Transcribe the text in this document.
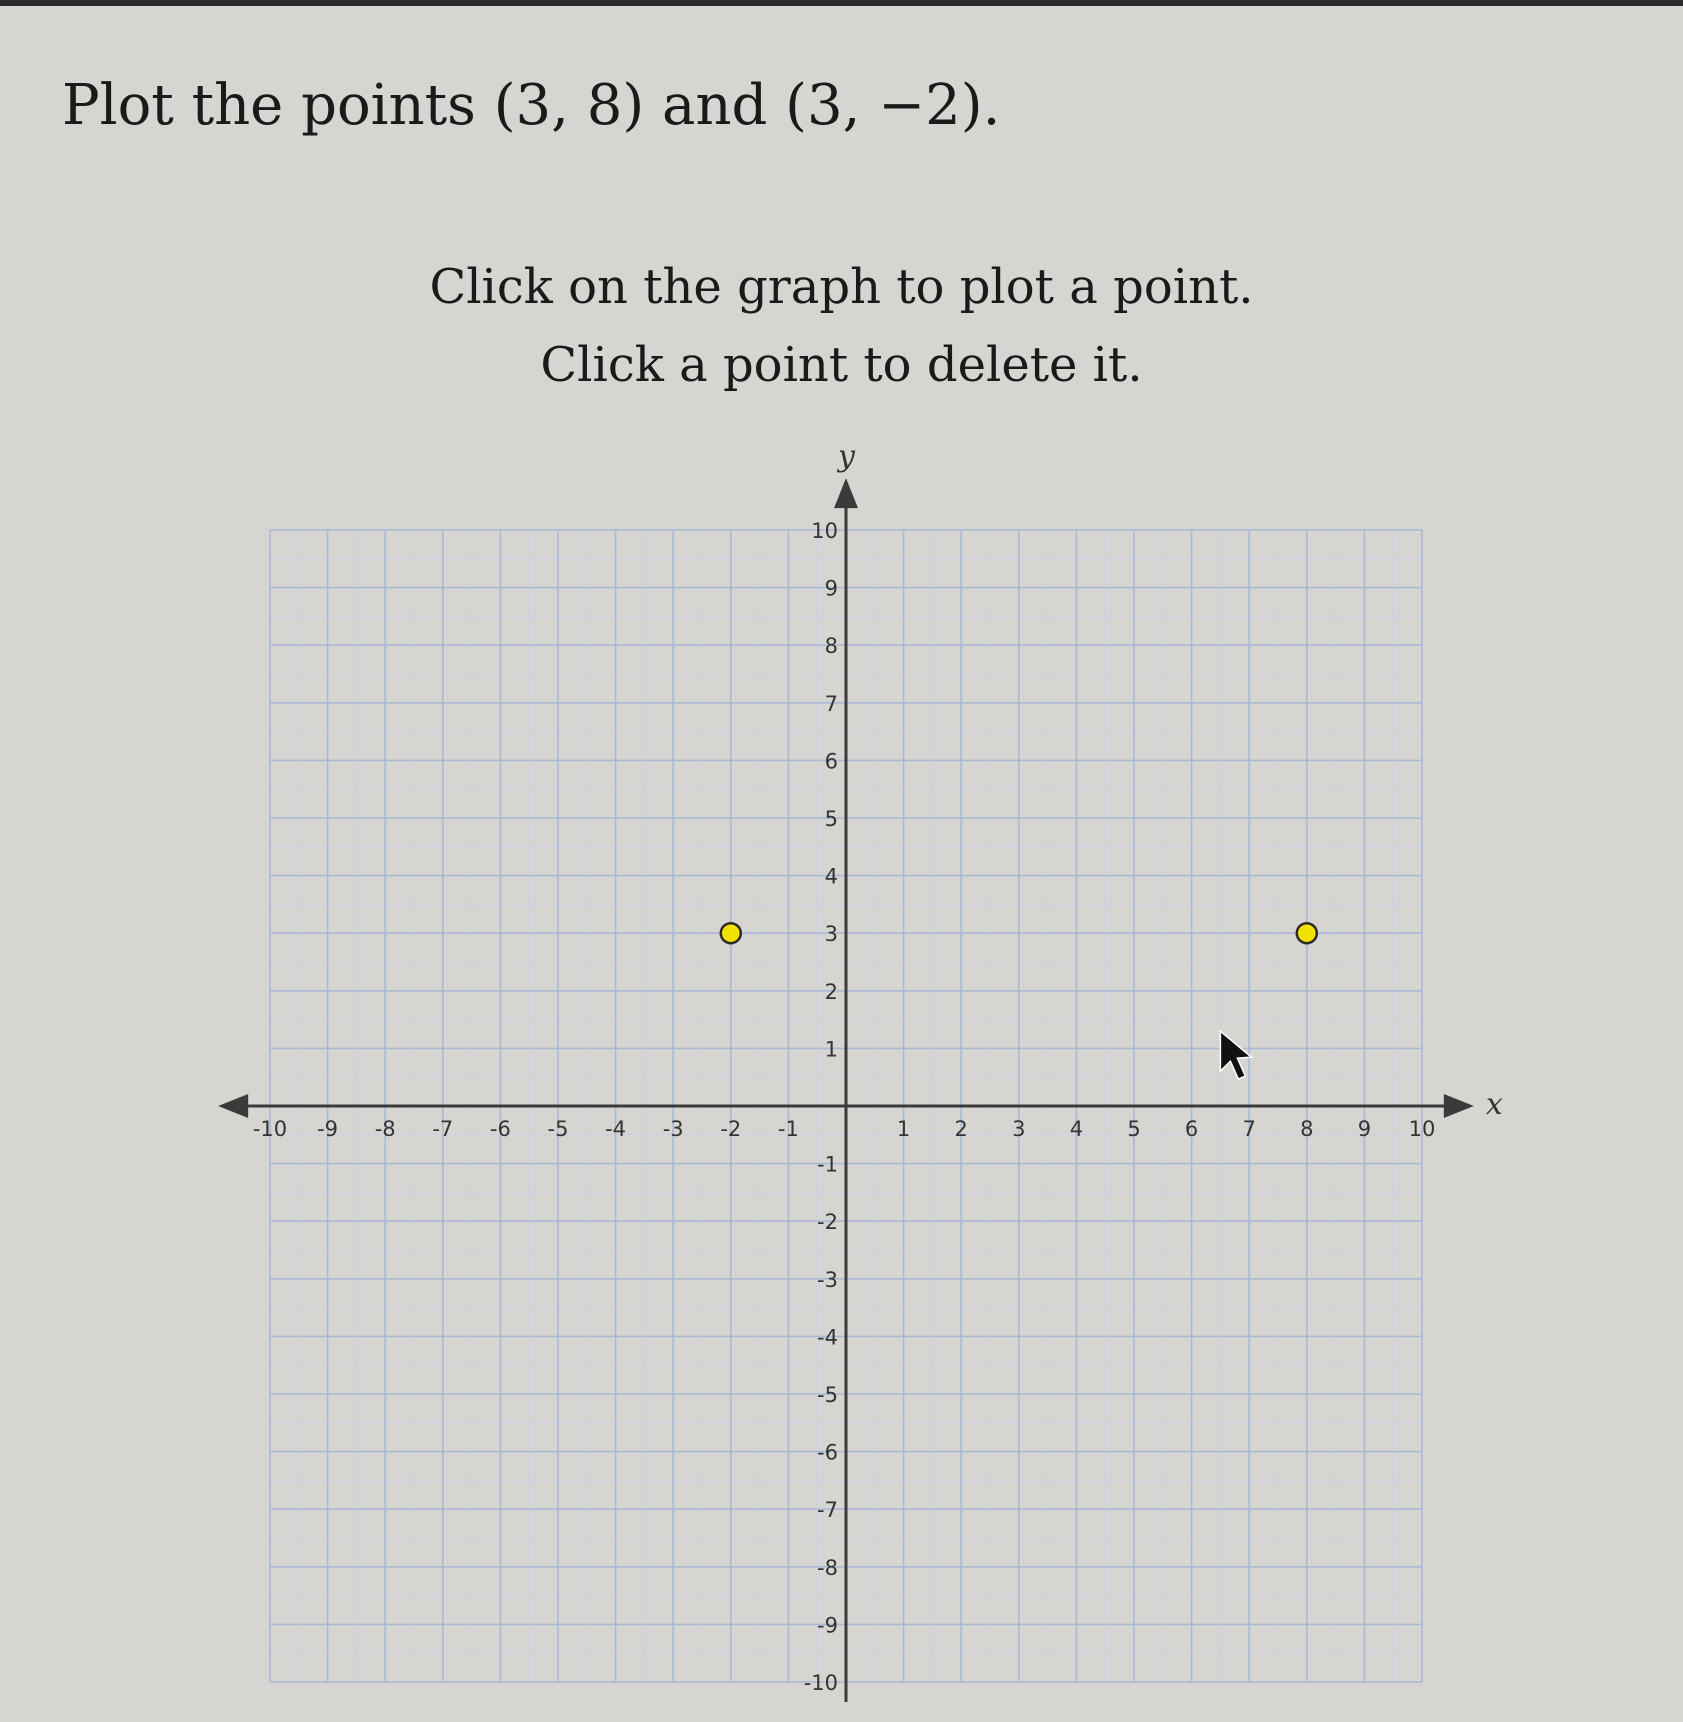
Plot the points (3, 8) and (3, −2).
Click on the graph to plot a point.
Click a point to delete it.
-10 -9 -8 -7 -6 -5 -4 -3 -2 -1	1 2 3 4 5 6 7 8 9 10
10
9
8
7
6
5
4
3
2
1
-1
-2
-3
-4
-5
-6
-7
-8
-9
-10
x
y
